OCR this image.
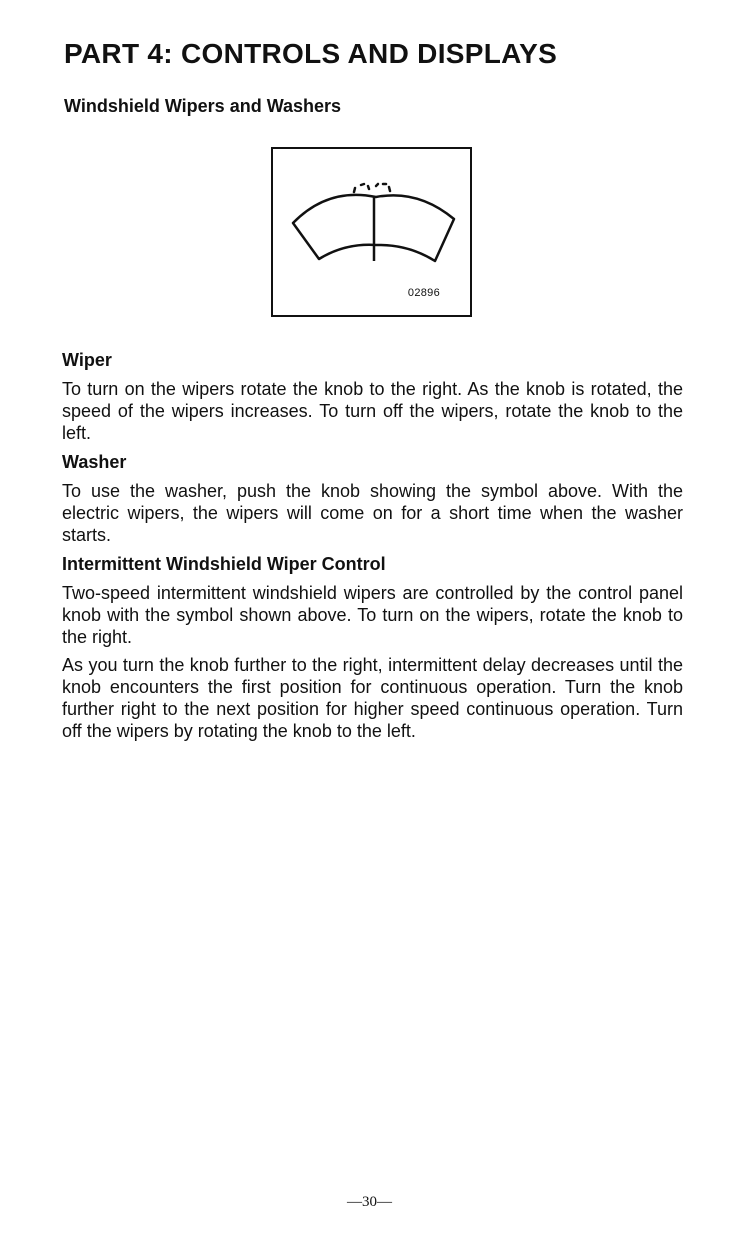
PART 4: CONTROLS AND DISPLAYS
Windshield Wipers and Washers
02896
Wiper

To turn on the wipers rotate the knob to the right. As the knob is rotated, the speed of the wipers increases. To turn off the wipers, rotate the knob to the left.

Washer

To use the washer, push the knob showing the symbol above. With the electric wipers, the wipers will come on for a short time when the washer starts.

Intermittent Windshield Wiper Control

Two-speed intermittent windshield wipers are controlled by the control panel knob with the symbol shown above. To turn on the wipers, rotate the knob to the right.

As you turn the knob further to the right, intermittent delay decreases until the knob encounters the first position for continuous operation. Turn the knob further right to the next position for higher speed continuous operation. Turn off the wipers by rotating the knob to the left.

—30—
